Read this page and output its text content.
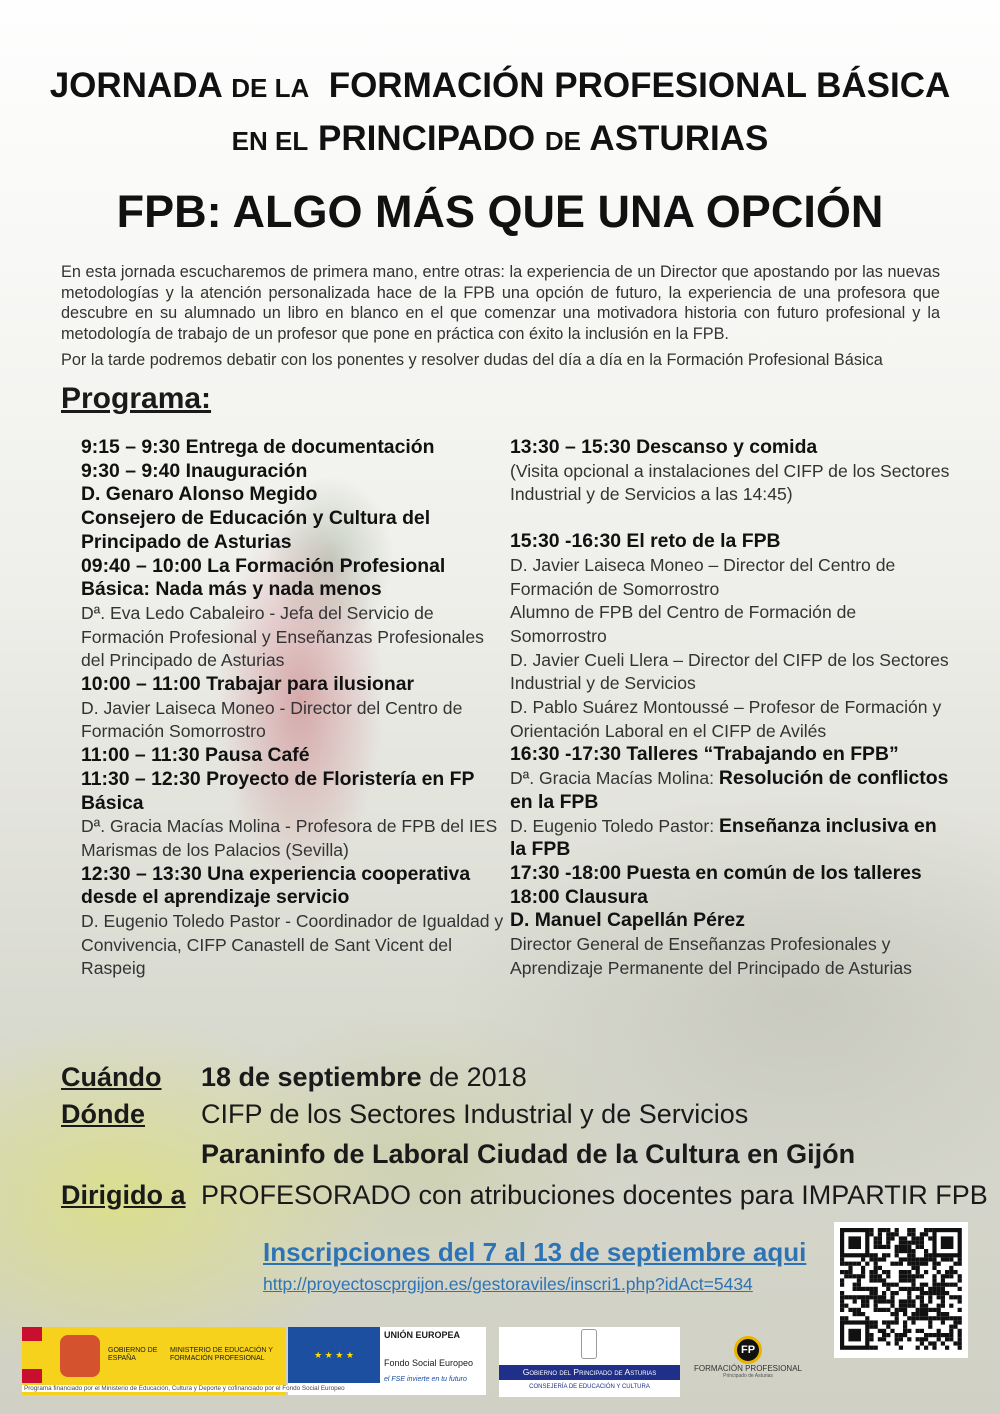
JORNADA DE LA FORMACIÓN PROFESIONAL BÁSICA
EN EL PRINCIPADO DE ASTURIAS
FPB: ALGO MÁS QUE UNA OPCIÓN
En esta jornada escucharemos de primera mano, entre otras: la experiencia de un Director que apostando por las nuevas metodologías y la atención personalizada hace de la FPB una opción de futuro, la experiencia de una profesora que descubre en su alumnado un libro en blanco en el que comenzar una motivadora historia con futuro profesional y la metodología de trabajo de un profesor que pone en práctica con éxito la inclusión en la FPB.
Por la tarde podremos debatir con los ponentes y resolver dudas del día a día en la Formación Profesional Básica
Programa:
9:15 – 9:30 Entrega de documentación
9:30 – 9:40 Inauguración
D. Genaro Alonso Megido
Consejero de Educación y Cultura del Principado de Asturias
09:40 – 10:00 La Formación Profesional Básica: Nada más y nada menos
Dª. Eva Ledo Cabaleiro - Jefa del Servicio de Formación Profesional y Enseñanzas Profesionales del Principado de Asturias
10:00 – 11:00 Trabajar para ilusionar
D. Javier Laiseca Moneo - Director del Centro de Formación Somorrostro
11:00 – 11:30 Pausa Café
11:30 – 12:30 Proyecto de Floristería en FP Básica
Dª. Gracia Macías Molina - Profesora de FPB del IES Marismas de los Palacios (Sevilla)
12:30 – 13:30 Una experiencia cooperativa desde el aprendizaje servicio
D. Eugenio Toledo Pastor - Coordinador de Igualdad y Convivencia, CIFP Canastell de Sant Vicent del Raspeig
13:30 – 15:30 Descanso y comida
(Visita opcional a instalaciones del CIFP de los Sectores Industrial y de Servicios a las 14:45)
15:30 -16:30 El reto de la FPB
D. Javier Laiseca Moneo – Director del Centro de Formación de Somorrostro
Alumno de FPB del Centro de Formación de Somorrostro
D. Javier Cueli Llera – Director del CIFP de los Sectores Industrial y de Servicios
D. Pablo Suárez Montoussé – Profesor de Formación y Orientación Laboral en el CIFP de Avilés
16:30 -17:30 Talleres “Trabajando en FPB”
Dª. Gracia Macías Molina: Resolución de conflictos en la FPB
D. Eugenio Toledo Pastor: Enseñanza inclusiva en la FPB
17:30 -18:00 Puesta en común de los talleres
18:00 Clausura
D. Manuel Capellán Pérez
Director General de Enseñanzas Profesionales y Aprendizaje Permanente del Principado de Asturias
Cuándo 18 de septiembre de 2018
Dónde CIFP de los Sectores Industrial y de Servicios
Paraninfo de Laboral Ciudad de la Cultura en Gijón
Dirigido a PROFESORADO con atribuciones docentes para IMPARTIR FPB
Inscripciones del 7 al 13 de septiembre aqui
http://proyectoscprgijon.es/gestoraviles/inscri1.php?idAct=5434
GOBIERNO DE ESPAÑA
MINISTERIO DE EDUCACIÓN Y FORMACIÓN PROFESIONAL	★ ★ ★ ★
UNIÓN EUROPEA
Fondo Social Europeo
el FSE invierte en tu futuro
Programa financiado por el Ministerio de Educación, Cultura y Deporte y cofinanciado por el Fondo Social Europeo
Gobierno del Principado de Asturias
CONSEJERÍA DE EDUCACIÓN Y CULTURA
FP
FORMACIÓN PROFESIONAL
Principado de Asturias
